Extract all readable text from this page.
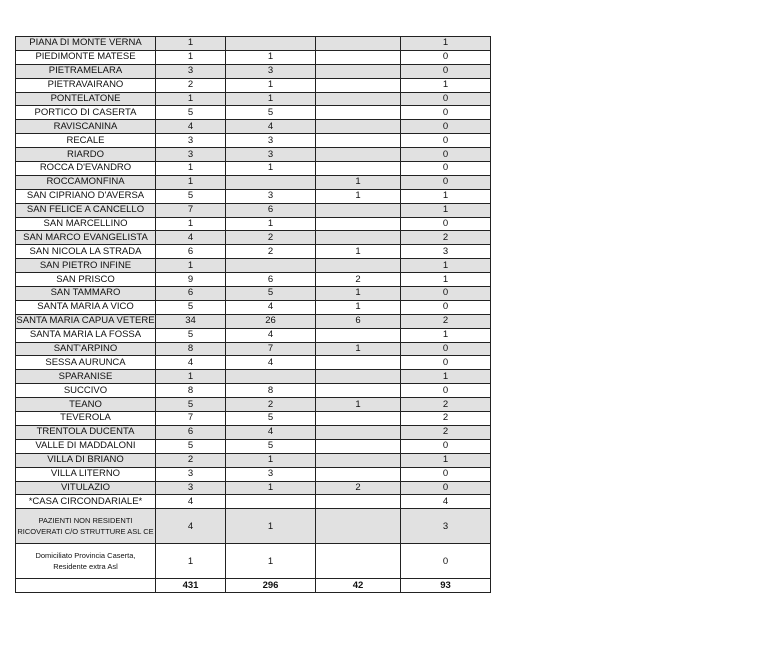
PIANA DI MONTE VERNA	1			1
PIEDIMONTE MATESE	1	1		0
PIETRAMELARA	3	3		0
PIETRAVAIRANO	2	1		1
PONTELATONE	1	1		0
PORTICO DI CASERTA	5	5		0
RAVISCANINA	4	4		0
RECALE	3	3		0
RIARDO	3	3		0
ROCCA D'EVANDRO	1	1		0
ROCCAMONFINA	1		1	0
SAN CIPRIANO D'AVERSA	5	3	1	1
SAN FELICE A CANCELLO	7	6		1
SAN MARCELLINO	1	1		0
SAN MARCO EVANGELISTA	4	2		2
SAN NICOLA LA STRADA	6	2	1	3
SAN PIETRO INFINE	1			1
SAN PRISCO	9	6	2	1
SAN TAMMARO	6	5	1	0
SANTA MARIA A VICO	5	4	1	0
SANTA MARIA CAPUA VETERE	34	26	6	2
SANTA MARIA LA FOSSA	5	4		1
SANT'ARPINO	8	7	1	0
SESSA AURUNCA	4	4		0
SPARANISE	1			1
SUCCIVO	8	8		0
TEANO	5	2	1	2
TEVEROLA	7	5		2
TRENTOLA DUCENTA	6	4		2
VALLE DI MADDALONI	5	5		0
VILLA DI BRIANO	2	1		1
VILLA LITERNO	3	3		0
VITULAZIO	3	1	2	0
*CASA CIRCONDARIALE*	4			4

PAZIENTI NON RESIDENTI
RICOVERATI C/O STRUTTURE ASL CE	4	1		3

Domiciliato Provincia Caserta,
Residente extra Asl	1	1		0
	431	296	42	93
